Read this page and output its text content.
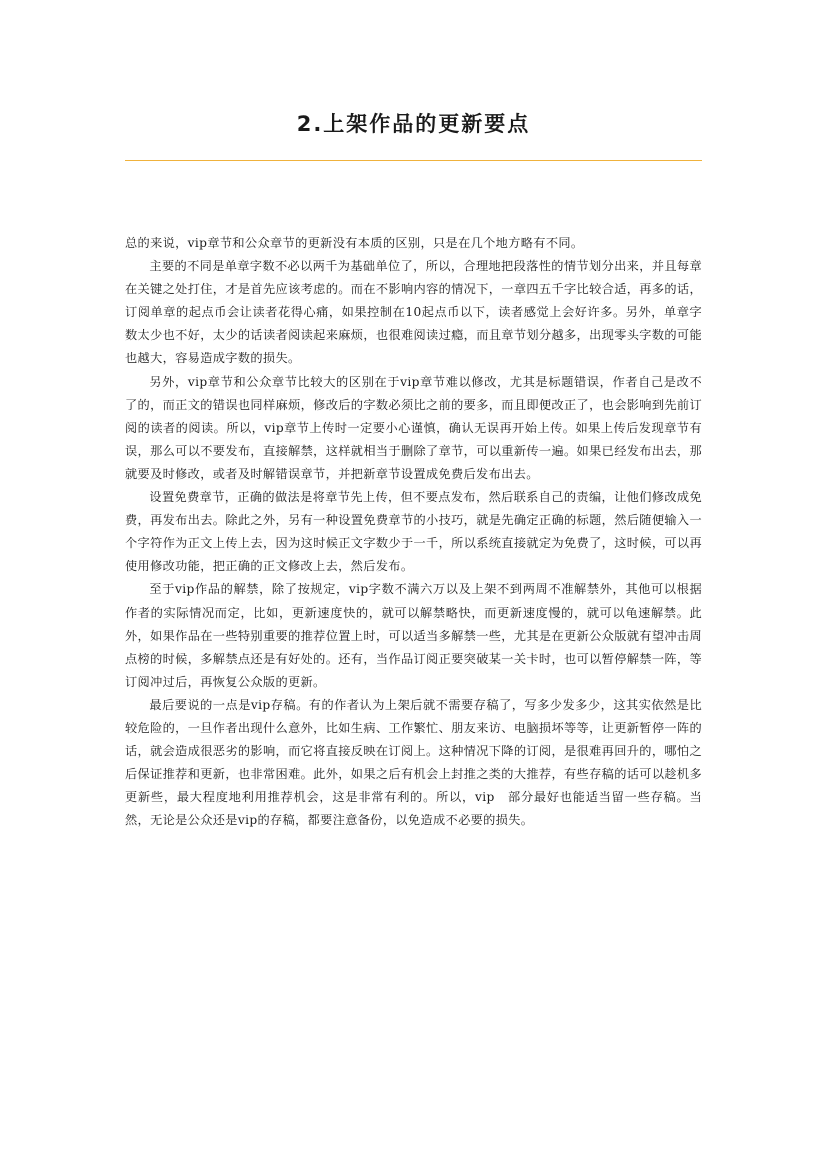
2.上架作品的更新要点

总的来说，vip章节和公众章节的更新没有本质的区别，只是在几个地方略有不同。

主要的不同是单章字数不必以两千为基础单位了，所以，合理地把段落性的情节划分出来，并且每章在关键之处打住，才是首先应该考虑的。而在不影响内容的情况下，一章四五千字比较合适，再多的话，订阅单章的起点币会让读者花得心痛，如果控制在10起点币以下，读者感觉上会好许多。另外，单章字数太少也不好，太少的话读者阅读起来麻烦，也很难阅读过瘾，而且章节划分越多，出现零头字数的可能也越大，容易造成字数的损失。

另外，vip章节和公众章节比较大的区别在于vip章节难以修改，尤其是标题错误，作者自己是改不了的，而正文的错误也同样麻烦，修改后的字数必须比之前的要多，而且即便改正了，也会影响到先前订阅的读者的阅读。所以，vip章节上传时一定要小心谨慎，确认无误再开始上传。如果上传后发现章节有误，那么可以不要发布，直接解禁，这样就相当于删除了章节，可以重新传一遍。如果已经发布出去，那就要及时修改，或者及时解错误章节，并把新章节设置成免费后发布出去。

设置免费章节，正确的做法是将章节先上传，但不要点发布，然后联系自己的责编，让他们修改成免费，再发布出去。除此之外，另有一种设置免费章节的小技巧，就是先确定正确的标题，然后随便输入一个字符作为正文上传上去，因为这时候正文字数少于一千，所以系统直接就定为免费了，这时候，可以再使用修改功能，把正确的正文修改上去，然后发布。

至于vip作品的解禁，除了按规定，vip字数不满六万以及上架不到两周不准解禁外，其他可以根据作者的实际情况而定，比如，更新速度快的，就可以解禁略快，而更新速度慢的，就可以龟速解禁。此外，如果作品在一些特别重要的推荐位置上时，可以适当多解禁一些，尤其是在更新公众版就有望冲击周点榜的时候，多解禁点还是有好处的。还有，当作品订阅正要突破某一关卡时，也可以暂停解禁一阵，等订阅冲过后，再恢复公众版的更新。

最后要说的一点是vip存稿。有的作者认为上架后就不需要存稿了，写多少发多少，这其实依然是比较危险的，一旦作者出现什么意外，比如生病、工作繁忙、朋友来访、电脑损坏等等，让更新暂停一阵的话，就会造成很恶劣的影响，而它将直接反映在订阅上。这种情况下降的订阅，是很难再回升的，哪怕之后保证推荐和更新，也非常困难。此外，如果之后有机会上封推之类的大推荐，有些存稿的话可以趁机多更新些，最大程度地利用推荐机会，这是非常有利的。所以，vip　部分最好也能适当留一些存稿。当然，无论是公众还是vip的存稿，都要注意备份，以免造成不必要的损失。
